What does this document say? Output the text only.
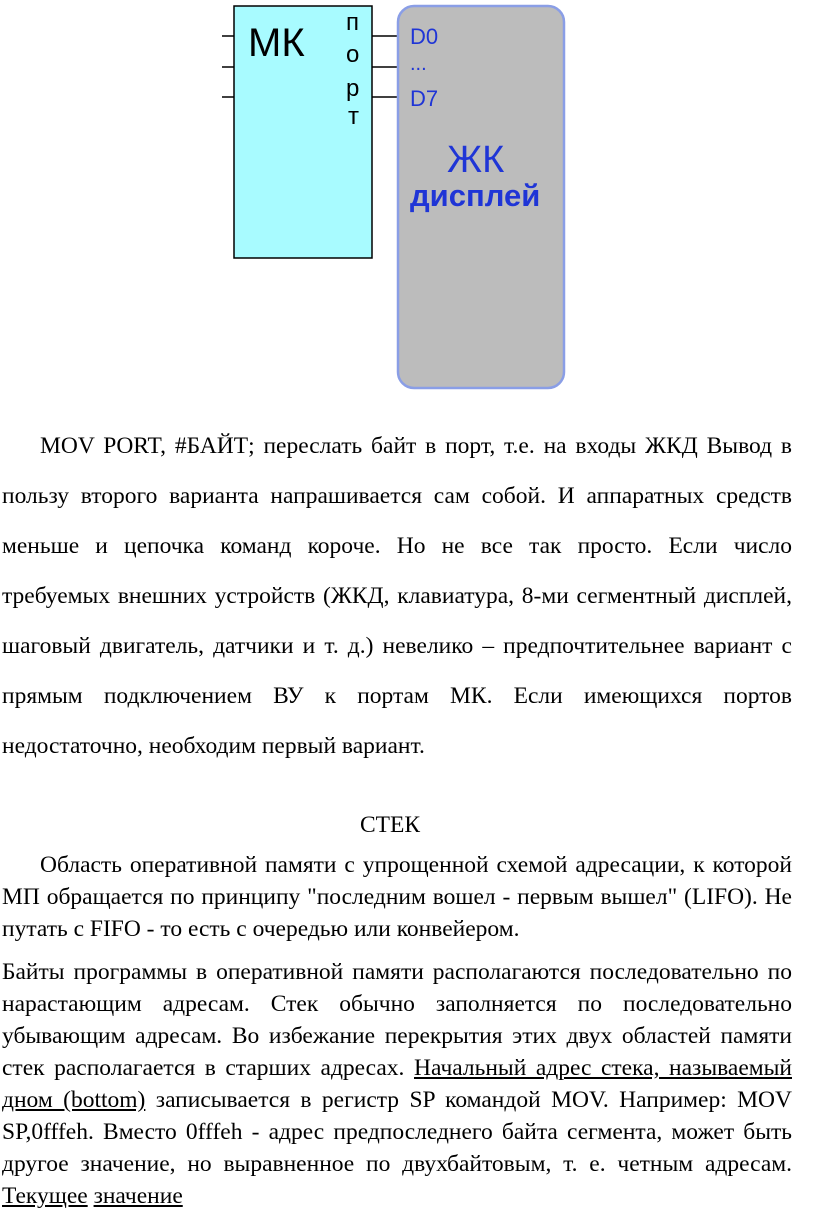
МК п
о
р
т
D0
...
D7
ЖК
дисплей

MOV PORT, #БАЙТ; переслать байт в порт, т.е. на входы ЖКД Вывод в пользу второго варианта напрашивается сам собой. И аппаратных средств меньше и цепочка команд короче. Но не все так просто. Если число требуемых внешних устройств (ЖКД, клавиатура, 8-ми сегментный дисплей, шаговый двигатель, датчики и т. д.) невелико – предпочтительнее вариант с прямым подключением ВУ к портам МК. Если имеющихся портов недостаточно, необходим первый вариант.

СТЕК

Область оперативной памяти с упрощенной схемой адресации, к которой МП обращается по принципу "последним вошел - первым вышел" (LIFO). Не путать с FIFO - то есть с очередью или конвейером.

Байты программы в оперативной памяти располагаются последовательно по нарастающим адресам. Стек обычно заполняется по последовательно убывающим адресам. Во избежание перекрытия этих двух областей памяти стек располагается в старших адресах. Начальный адрес стека, называемый дном (bottom) записывается в регистр SP командой MOV. Например: MOV SP,0fffeh. Вместо 0fffeh - адрес предпоследнего байта сегмента, может быть другое значение, но выравненное по двухбайтовым, т. е. четным адресам. Текущее значение
